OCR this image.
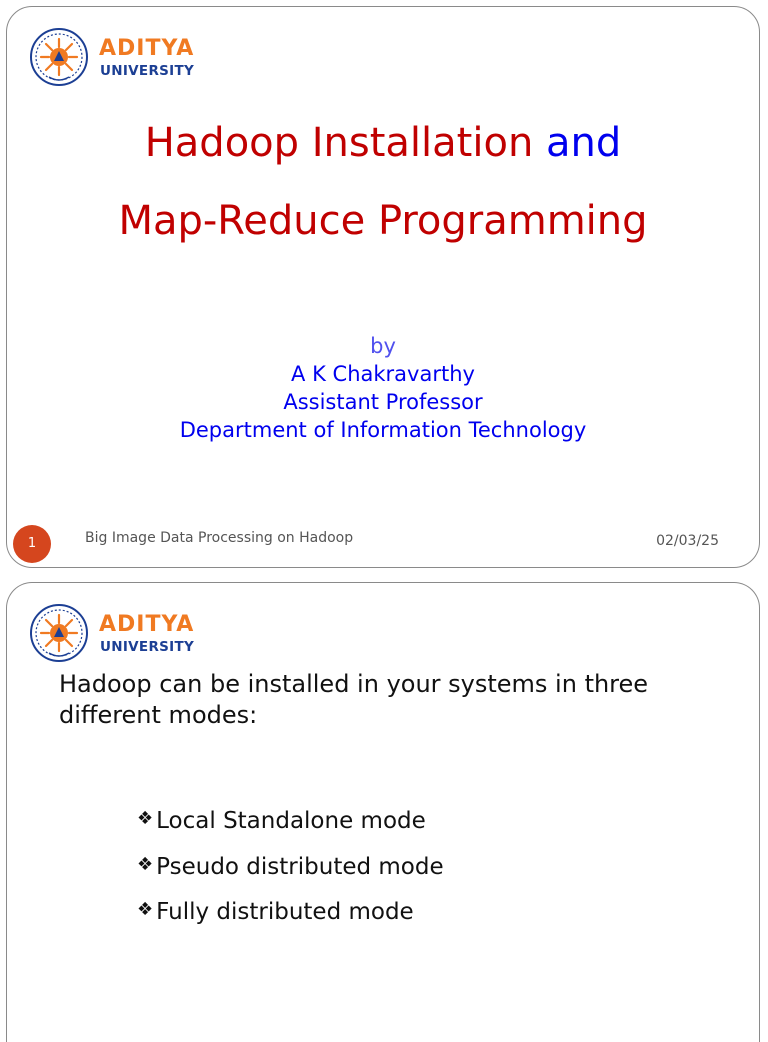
ADITYA
UNIVERSITY
Hadoop Installation and
Map-Reduce Programming
by
A K Chakravarthy
Assistant Professor
Department of Information Technology
1	Big Image Data Processing on Hadoop	02/03/25
ADITYA
UNIVERSITY
Hadoop can be installed in your systems in three different modes:
❖ Local Standalone mode
❖ Pseudo distributed mode
❖ Fully distributed mode
